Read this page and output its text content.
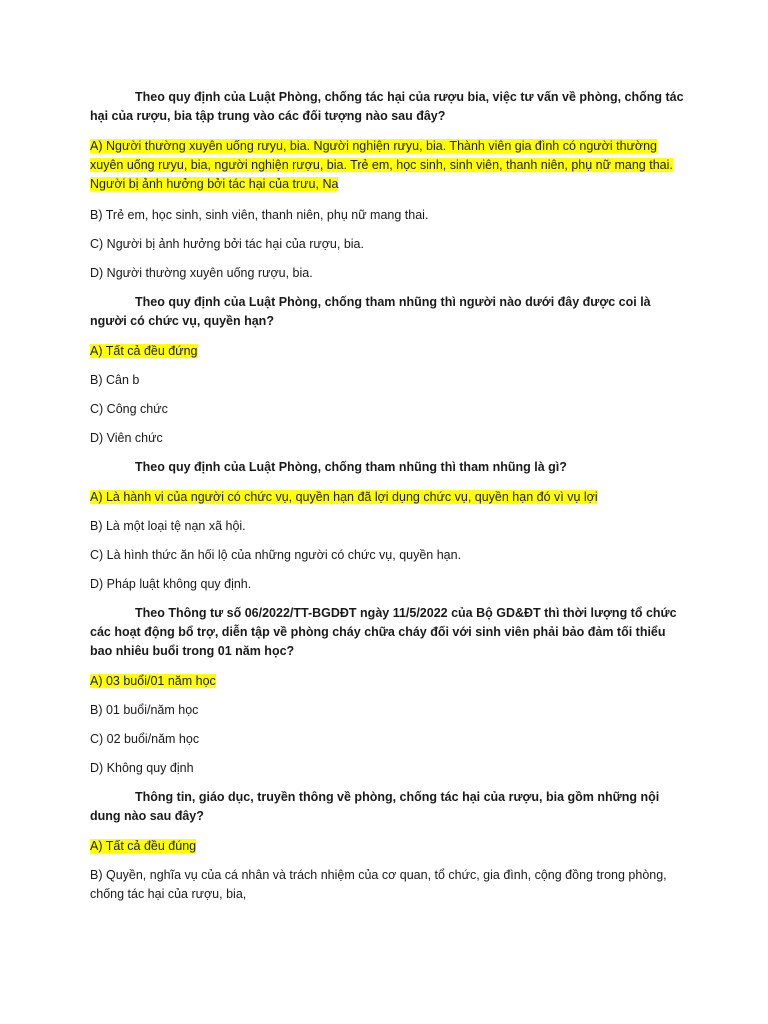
Theo quy định của Luật Phòng, chống tác hại của rượu bia, việc tư vấn về phòng, chống tác hại của rượu, bia tập trung vào các đối tượng nào sau đây?

A) Người thường xuyên uống rưyu, bia. Người nghiện rưyu, bia. Thành viên gia đình có người thường xuyên uống rưyu, bia, người nghiện rượu, bia. Trẻ em, học sinh, sinh viên, thanh niên, phụ nữ mang thai. Người bị ảnh hưởng bởi tác hại của trưu, Na

B) Trẻ em, học sinh, sinh viên, thanh niên, phụ nữ mang thai.

C) Người bị ảnh hưởng bởi tác hại của rượu, bia.

D) Người thường xuyên uống rượu, bia.

Theo quy định của Luật Phòng, chống tham nhũng thì người nào dưới đây được coi là người có chức vụ, quyền hạn?

A) Tất cả đều đứng

B) Cân b

C) Công chức

D) Viên chức

Theo quy định của Luật Phòng, chống tham nhũng thì tham nhũng là gì?

A) Là hành vi của người có chức vụ, quyền hạn đã lợi dụng chức vụ, quyền hạn đó vì vụ lợi

B) Là một loại tệ nạn xã hội.

C) Là hình thức ăn hối lộ của những người có chức vụ, quyền hạn.

D) Pháp luật không quy định.

Theo Thông tư số 06/2022/TT-BGDĐT ngày 11/5/2022 của Bộ GD&ĐT thì thời lượng tổ chức các hoạt động bổ trợ, diễn tập về phòng cháy chữa cháy đối với sinh viên phải bảo đảm tối thiểu bao nhiêu buổi trong 01 năm học?

A) 03 buổi/01 năm học

B) 01 buổi/năm học

C) 02 buổi/năm học

D) Không quy định

Thông tin, giáo dục, truyền thông về phòng, chống tác hại của rượu, bia gồm những nội dung nào sau đây?

A) Tất cả đều đúng

B) Quyền, nghĩa vụ của cá nhân và trách nhiệm của cơ quan, tổ chức, gia đình, cộng đồng trong phòng, chống tác hại của rượu, bia,
